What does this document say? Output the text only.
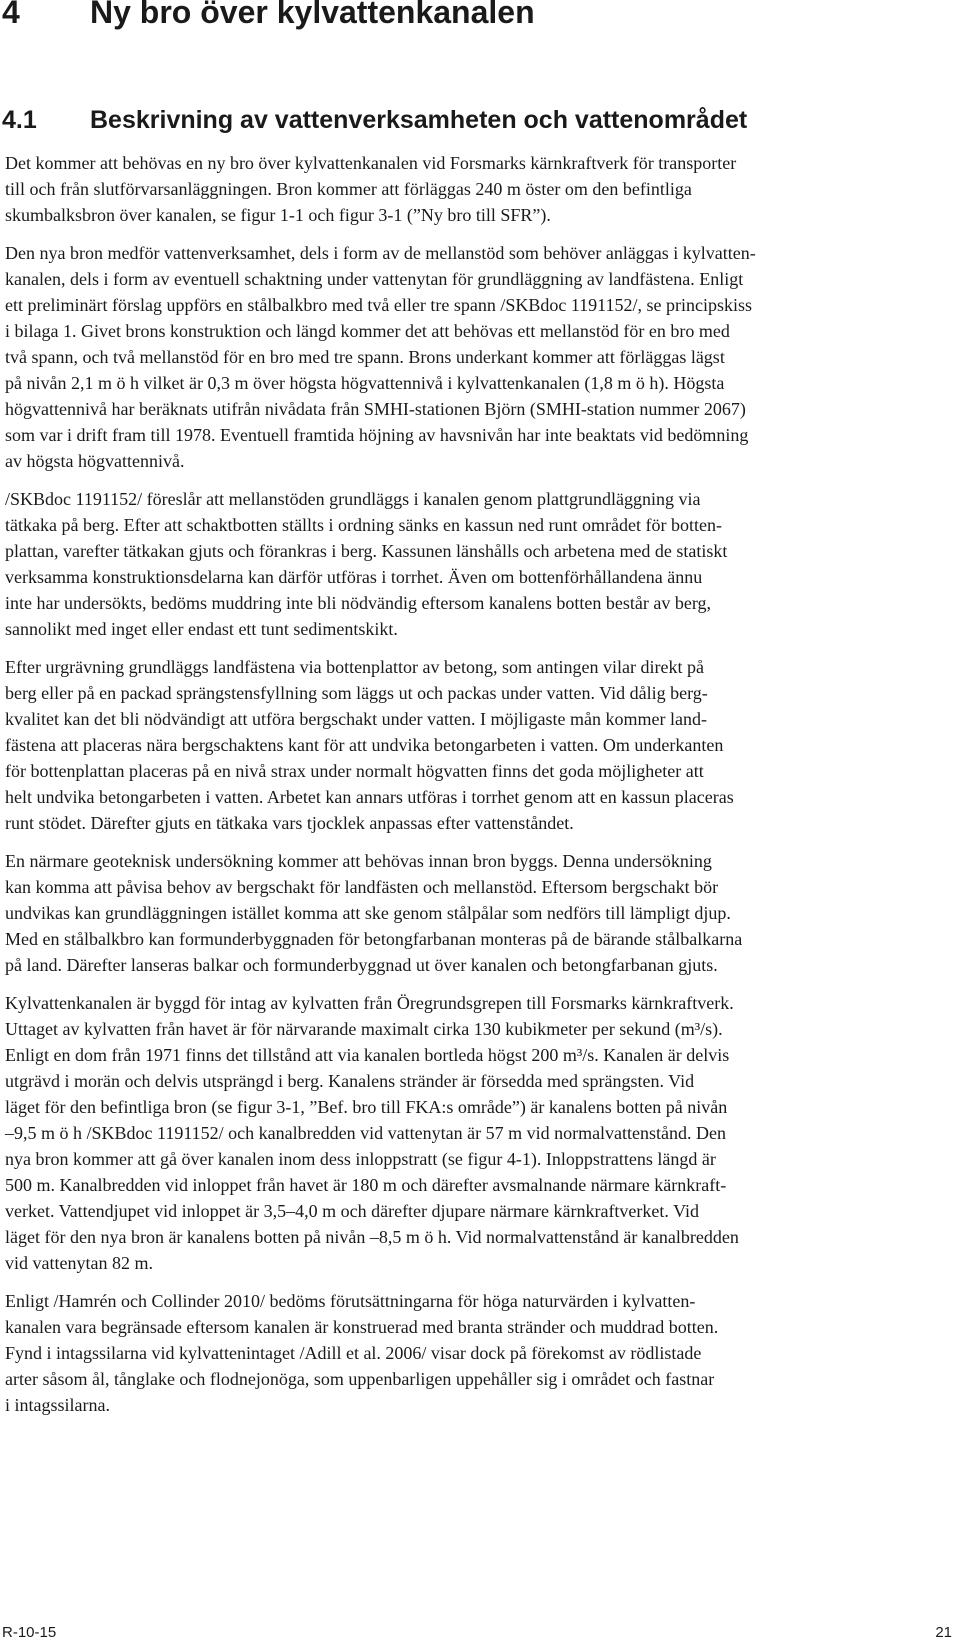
4 Ny bro över kylvattenkanalen
4.1 Beskrivning av vattenverksamheten och vattenområdet

Det kommer att behövas en ny bro över kylvattenkanalen vid Forsmarks kärnkraftverk för transporter
till och från slutförvarsanläggningen. Bron kommer att förläggas 240 m öster om den befintliga
skumbalksbron över kanalen, se figur 1-1 och figur 3-1 (”Ny bro till SFR”).

Den nya bron medför vattenverksamhet, dels i form av de mellanstöd som behöver anläggas i kylvatten-
kanalen, dels i form av eventuell schaktning under vattenytan för grundläggning av landfästena. Enligt
ett preliminärt förslag uppförs en stålbalkbro med två eller tre spann /SKBdoc 1191152/, se principskiss
i bilaga 1. Givet brons konstruktion och längd kommer det att behövas ett mellanstöd för en bro med
två spann, och två mellanstöd för en bro med tre spann. Brons underkant kommer att förläggas lägst
på nivån 2,1 m ö h vilket är 0,3 m över högsta högvattennivå i kylvattenkanalen (1,8 m ö h). Högsta
högvattennivå har beräknats utifrån nivådata från SMHI-stationen Björn (SMHI-station nummer 2067)
som var i drift fram till 1978. Eventuell framtida höjning av havsnivån har inte beaktats vid bedömning
av högsta högvattennivå.

/SKBdoc 1191152/ föreslår att mellanstöden grundläggs i kanalen genom plattgrundläggning via
tätkaka på berg. Efter att schaktbotten ställts i ordning sänks en kassun ned runt området för botten-
plattan, varefter tätkakan gjuts och förankras i berg. Kassunen länshålls och arbetena med de statiskt
verksamma konstruktionsdelarna kan därför utföras i torrhet. Även om bottenförhållandena ännu
inte har undersökts, bedöms muddring inte bli nödvändig eftersom kanalens botten består av berg,
sannolikt med inget eller endast ett tunt sedimentskikt.

Efter urgrävning grundläggs landfästena via bottenplattor av betong, som antingen vilar direkt på
berg eller på en packad sprängstensfyllning som läggs ut och packas under vatten. Vid dålig berg-
kvalitet kan det bli nödvändigt att utföra bergschakt under vatten. I möjligaste mån kommer land-
fästena att placeras nära bergschaktens kant för att undvika betongarbeten i vatten. Om underkanten
för bottenplattan placeras på en nivå strax under normalt högvatten finns det goda möjligheter att
helt undvika betongarbeten i vatten. Arbetet kan annars utföras i torrhet genom att en kassun placeras
runt stödet. Därefter gjuts en tätkaka vars tjocklek anpassas efter vattenståndet.

En närmare geoteknisk undersökning kommer att behövas innan bron byggs. Denna undersökning
kan komma att påvisa behov av bergschakt för landfästen och mellanstöd. Eftersom bergschakt bör
undvikas kan grundläggningen istället komma att ske genom stålpålar som nedförs till lämpligt djup.
Med en stålbalkbro kan formunderbyggnaden för betongfarbanan monteras på de bärande stålbalkarna
på land. Därefter lanseras balkar och formunderbyggnad ut över kanalen och betongfarbanan gjuts.

Kylvattenkanalen är byggd för intag av kylvatten från Öregrundsgrepen till Forsmarks kärnkraftverk.
Uttaget av kylvatten från havet är för närvarande maximalt cirka 130 kubikmeter per sekund (m³/s).
Enligt en dom från 1971 finns det tillstånd att via kanalen bortleda högst 200 m³/s. Kanalen är delvis
utgrävd i morän och delvis utsprängd i berg. Kanalens stränder är försedda med sprängsten. Vid
läget för den befintliga bron (se figur 3-1, ”Bef. bro till FKA:s område”) är kanalens botten på nivån
–9,5 m ö h /SKBdoc 1191152/ och kanalbredden vid vattenytan är 57 m vid normalvattenstånd. Den
nya bron kommer att gå över kanalen inom dess inloppstratt (se figur 4-1). Inloppstrattens längd är
500 m. Kanalbredden vid inloppet från havet är 180 m och därefter avsmalnande närmare kärnkraft-
verket. Vattendjupet vid inloppet är 3,5–4,0 m och därefter djupare närmare kärnkraftverket. Vid
läget för den nya bron är kanalens botten på nivån –8,5 m ö h. Vid normalvattenstånd är kanalbredden
vid vattenytan 82 m.

Enligt /Hamrén och Collinder 2010/ bedöms förutsättningarna för höga naturvärden i kylvatten-
kanalen vara begränsade eftersom kanalen är konstruerad med branta stränder och muddrad botten.
Fynd i intagssilarna vid kylvattenintaget /Adill et al. 2006/ visar dock på förekomst av rödlistade
arter såsom ål, tånglake och flodnejonöga, som uppenbarligen uppehåller sig i området och fastnar
i intagssilarna.

R-10-15	21
